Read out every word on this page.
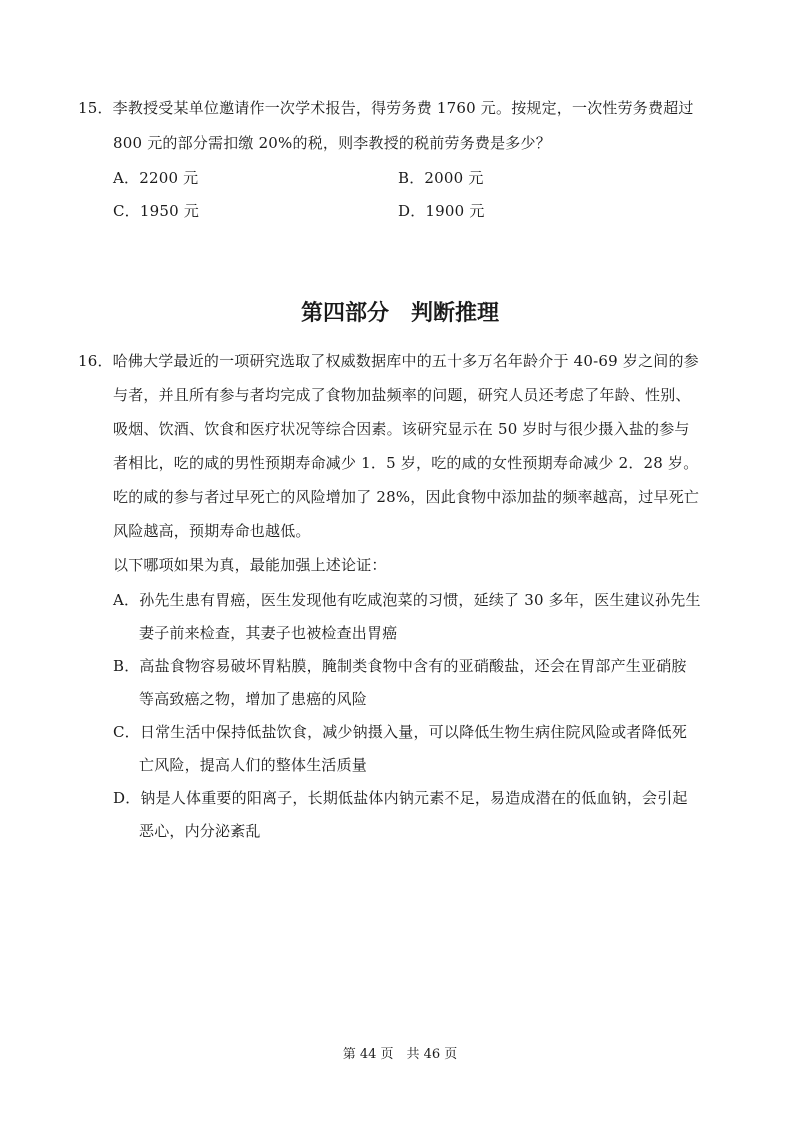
15．李教授受某单位邀请作一次学术报告，得劳务费 1760 元。按规定，一次性劳务费超过
800 元的部分需扣缴 20%的税，则李教授的税前劳务费是多少？
A．2200 元	B．2000 元
C．1950 元	D．1900 元
第四部分　判断推理
16．哈佛大学最近的一项研究选取了权威数据库中的五十多万名年龄介于 40-69 岁之间的参
与者，并且所有参与者均完成了食物加盐频率的问题，研究人员还考虑了年龄、性别、
吸烟、饮酒、饮食和医疗状况等综合因素。该研究显示在 50 岁时与很少摄入盐的参与
者相比，吃的咸的男性预期寿命减少 1．5 岁，吃的咸的女性预期寿命减少 2．28 岁。
吃的咸的参与者过早死亡的风险增加了 28%，因此食物中添加盐的频率越高，过早死亡
风险越高，预期寿命也越低。
以下哪项如果为真，最能加强上述论证：
A．孙先生患有胃癌，医生发现他有吃咸泡菜的习惯，延续了 30 多年，医生建议孙先生
妻子前来检查，其妻子也被检查出胃癌
B．高盐食物容易破坏胃粘膜，腌制类食物中含有的亚硝酸盐，还会在胃部产生亚硝胺
等高致癌之物，增加了患癌的风险
C．日常生活中保持低盐饮食，减少钠摄入量，可以降低生物生病住院风险或者降低死
亡风险，提高人们的整体生活质量
D．钠是人体重要的阳离子，长期低盐体内钠元素不足，易造成潜在的低血钠，会引起
恶心，内分泌紊乱
第 44 页　共 46 页
